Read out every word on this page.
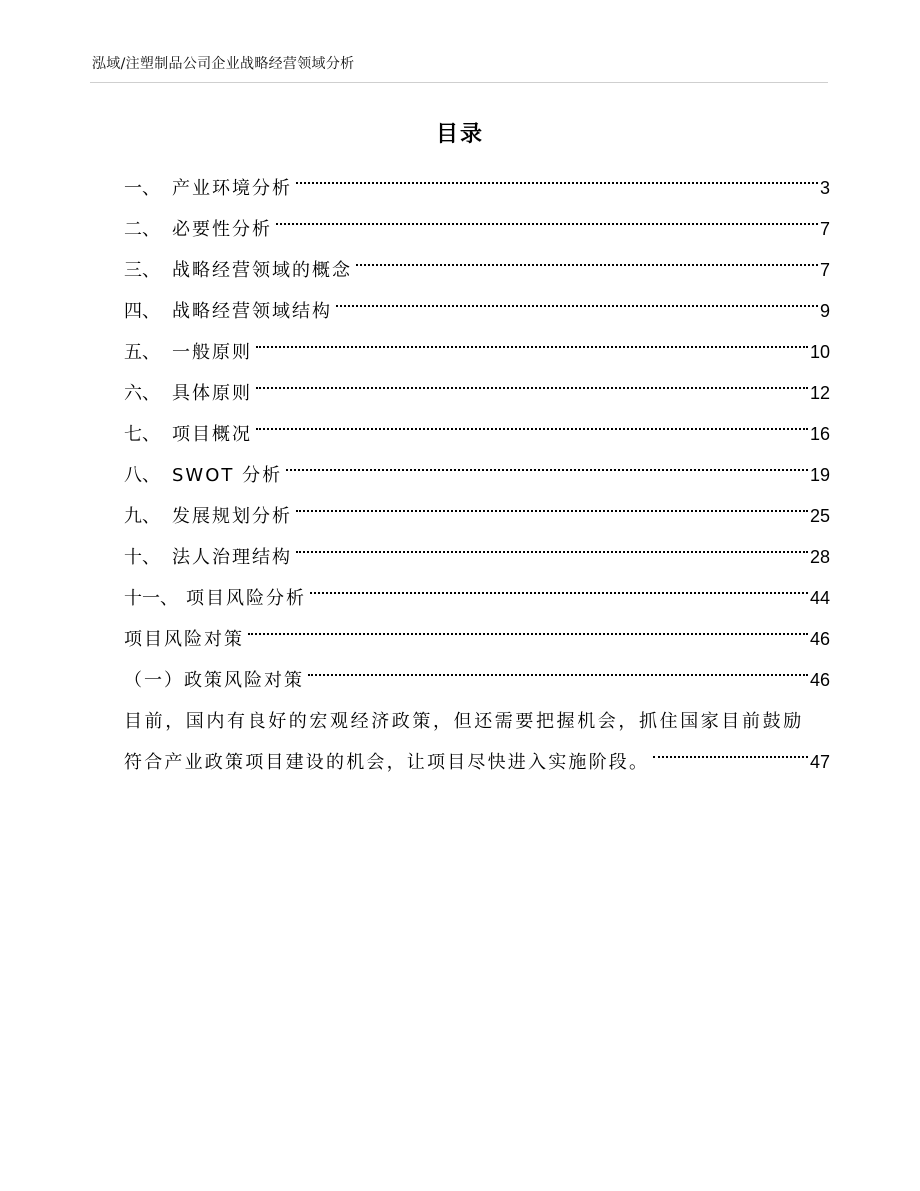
泓域/注塑制品公司企业战略经营领域分析
目录
一、 产业环境分析	3
二、 必要性分析	7
三、 战略经营领域的概念	7
四、 战略经营领域结构	9
五、 一般原则	10
六、 具体原则	12
七、 项目概况	16
八、 SWOT 分析	19
九、 发展规划分析	25
十、 法人治理结构	28
十一、 项目风险分析	44
项目风险对策	46
（一）政策风险对策	46
目前，国内有良好的宏观经济政策，但还需要把握机会，抓住国家目前鼓励
符合产业政策项目建设的机会，让项目尽快进入实施阶段。	47
